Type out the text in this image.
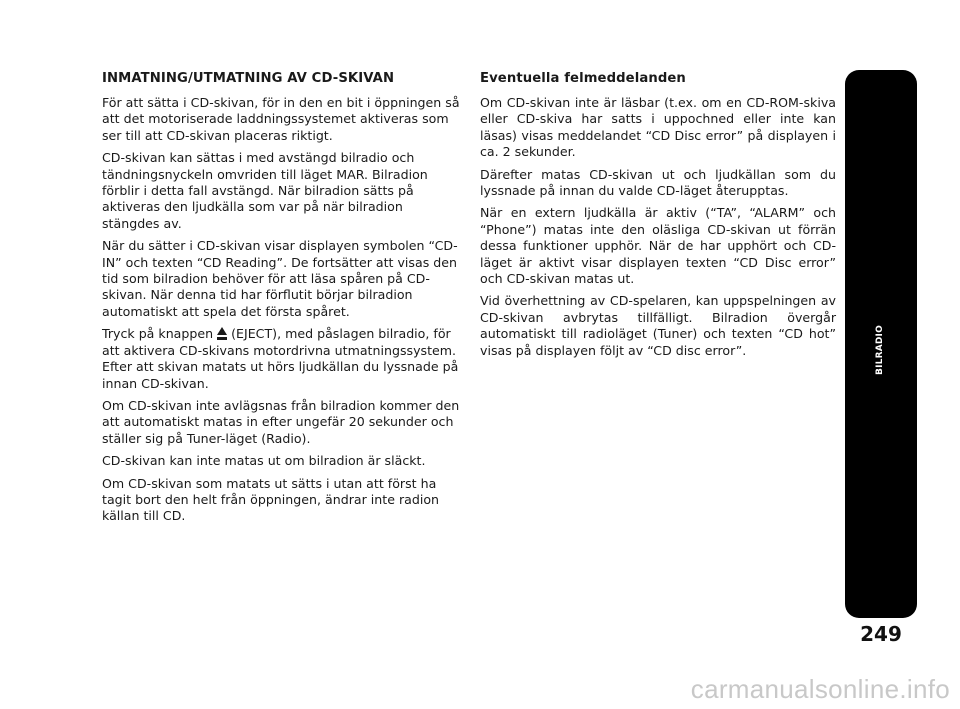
INMATNING/UTMATNING AV CD-SKIVAN

För att sätta i CD-skivan, för in den en bit i öppningen så att det motoriserade laddningssystemet aktiveras som ser till att CD-skivan placeras riktigt.

CD-skivan kan sättas i med avstängd bilradio och tändningsnyckeln omvriden till läget MAR. Bilradion förblir i detta fall avstängd. När bilradion sätts på aktiveras den ljudkälla som var på när bilradion stängdes av.

När du sätter i CD-skivan visar displayen symbolen “CD-IN” och texten “CD Reading”. De fortsätter att visas den tid som bilradion behöver för att läsa spåren på CD-skivan. När denna tid har förflutit börjar bilradion automatiskt att spela det första spåret.

Tryck på knappen  (EJECT), med påslagen bilradio, för att aktivera CD-skivans motordrivna utmatningssystem. Efter att skivan matats ut hörs ljudkällan du lyssnade på innan CD-skivan.

Om CD-skivan inte avlägsnas från bilradion kommer den att automatiskt matas in efter ungefär 20 sekunder och ställer sig på Tuner-läget (Radio).

CD-skivan kan inte matas ut om bilradion är släckt.

Om CD-skivan som matats ut sätts i utan att först ha tagit bort den helt från öppningen, ändrar inte radion källan till CD.

Eventuella felmeddelanden

Om CD-skivan inte är läsbar (t.ex. om en CD-ROM-skiva eller CD-skiva har satts i uppochned eller inte kan läsas) visas meddelandet “CD Disc error” på displayen i ca. 2 sekunder.

Därefter matas CD-skivan ut och ljudkällan som du lyssnade på innan du valde CD-läget återupptas.

När en extern ljudkälla är aktiv (“TA”, “ALARM” och “Phone”) matas inte den oläsliga CD-skivan ut förrän dessa funktioner upphör. När de har upphört och CD-läget är aktivt visar displayen texten “CD Disc error” och CD-skivan matas ut.

Vid överhettning av CD-spelaren, kan uppspelningen av CD-skivan avbrytas tillfälligt. Bilradion övergår automatiskt till radioläget (Tuner) och texten “CD hot” visas på displayen följt av “CD disc error”.	BILRADIO
249
carmanualsonline.info
